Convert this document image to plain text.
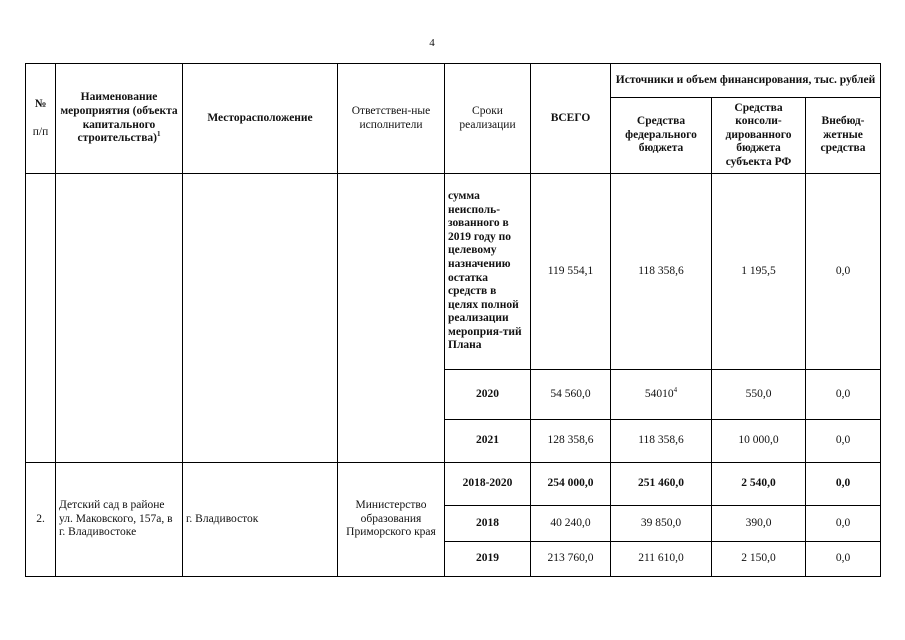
4
№
п/п	Наименование мероприятия (объекта капитального строительства)$^1$	Месторасположение	Ответствен-ные исполнители	Сроки реализации	ВСЕГО	Источники и объем финансирования, тыс. рублей		
						Средства федерального бюджета	Средства консоли-дированного бюджета субъекта РФ	Внебюд-жетные средства
				сумма неисполь-зованного в 2019 году по целевому назначению остатка средств в целях полной реализации мероприя-тий Плана	119 554,1	118 358,6	1 195,5	0,0
				2020	54 560,0	54010$^4$	550,0	0,0
				2021	128 358,6	118 358,6	10 000,0	0,0
2.	Детский сад в районе ул. Маковского, 157а, в г. Владивостоке	г. Владивосток	Министерство образования Приморского края	2018-2020	254 000,0	251 460,0	2 540,0	0,0
				2018	40 240,0	39 850,0	390,0	0,0
				2019	213 760,0	211 610,0	2 150,0	0,0
